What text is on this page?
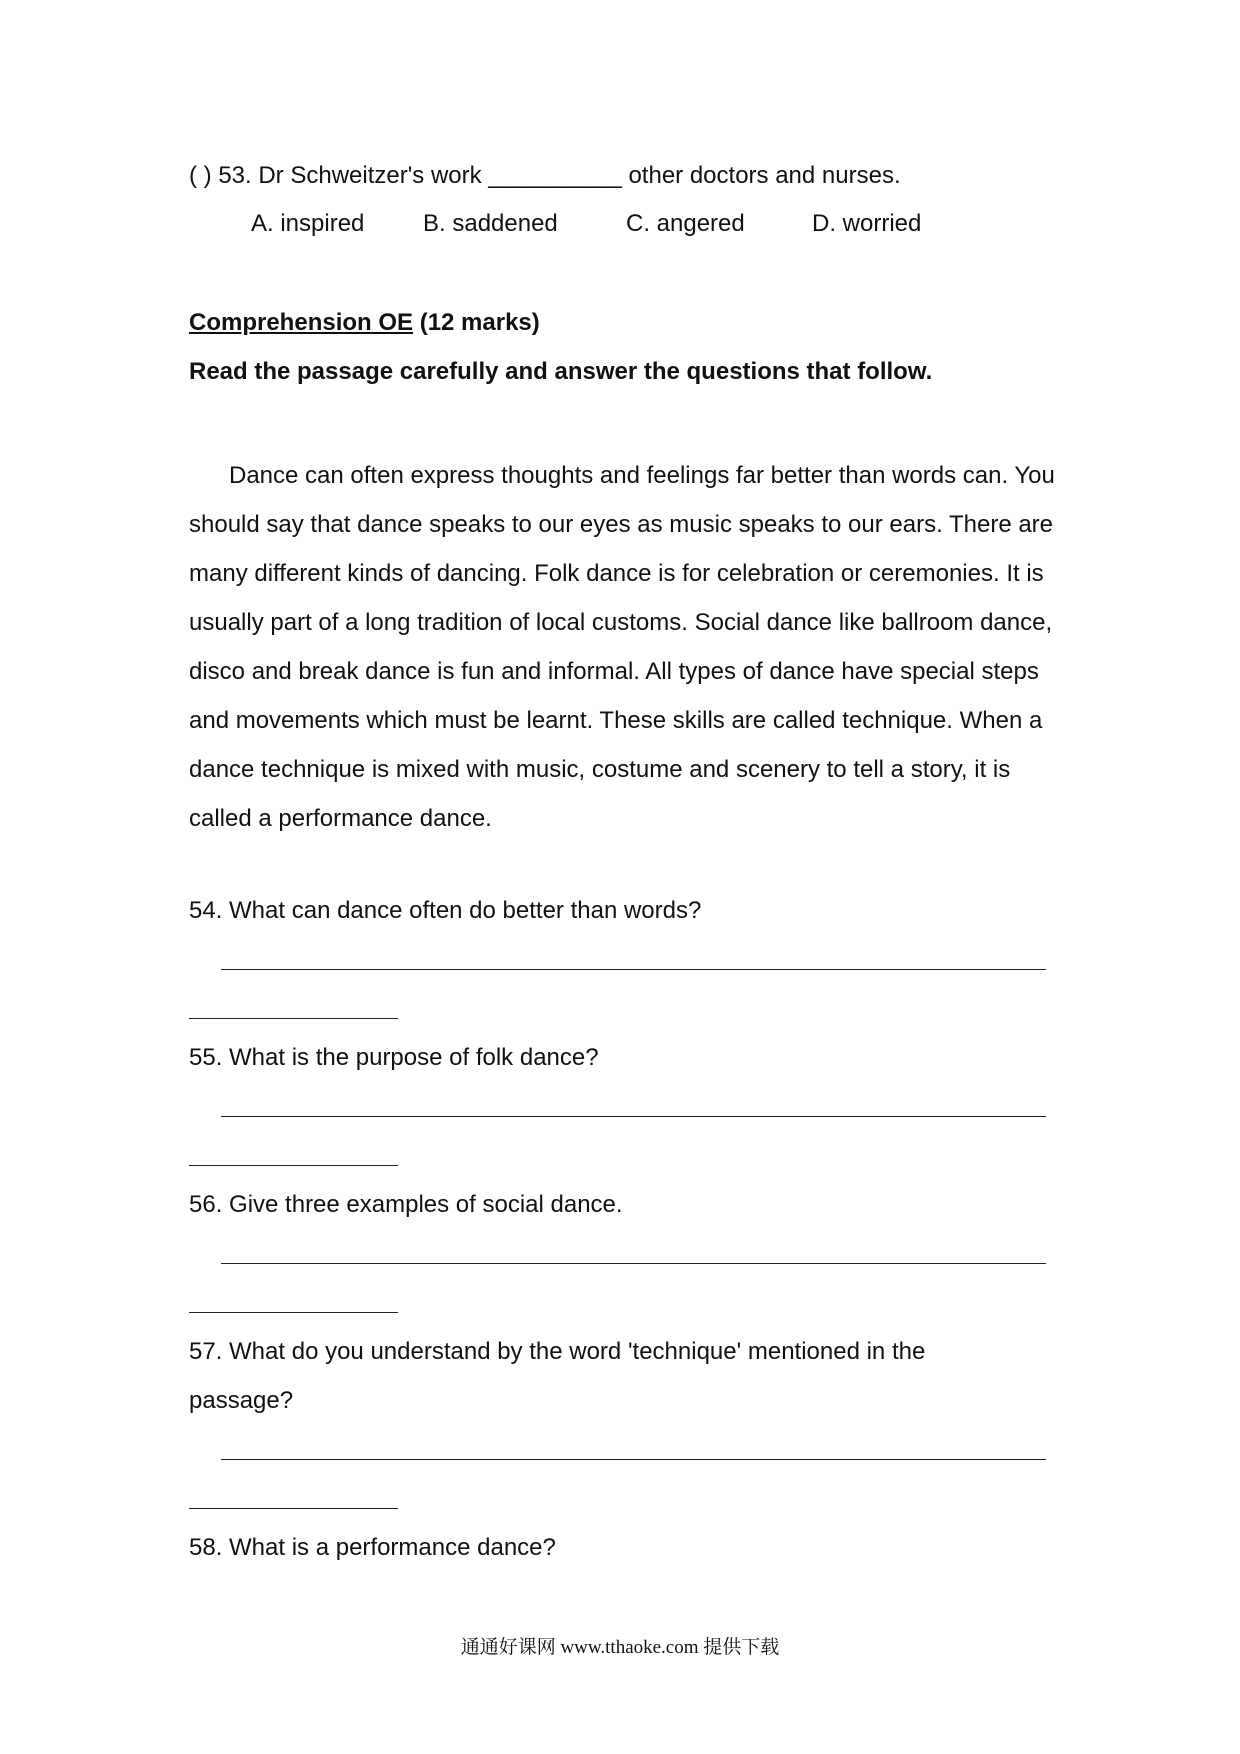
( ) 53. Dr Schweitzer's work __________ other doctors and nurses.
A. inspired B. saddened	C. angered	D. worried
Comprehension OE (12 marks)
Read the passage carefully and answer the questions that follow.

Dance can often express thoughts and feelings far better than words can. You should say that dance speaks to our eyes as music speaks to our ears. There are many different kinds of dancing. Folk dance is for celebration or ceremonies. It is usually part of a long tradition of local customs. Social dance like ballroom dance, disco and break dance is fun and informal. All types of dance have special steps and movements which must be learnt. These skills are called technique. When a dance technique is mixed with music, costume and scenery to tell a story, it is called a performance dance.

54. What can dance often do better than words?
55. What is the purpose of folk dance?
56. Give three examples of social dance.
57. What do you understand by the word 'technique' mentioned in the
passage?
58. What is a performance dance?
通通好课网 www.tthaoke.com 提供下载
